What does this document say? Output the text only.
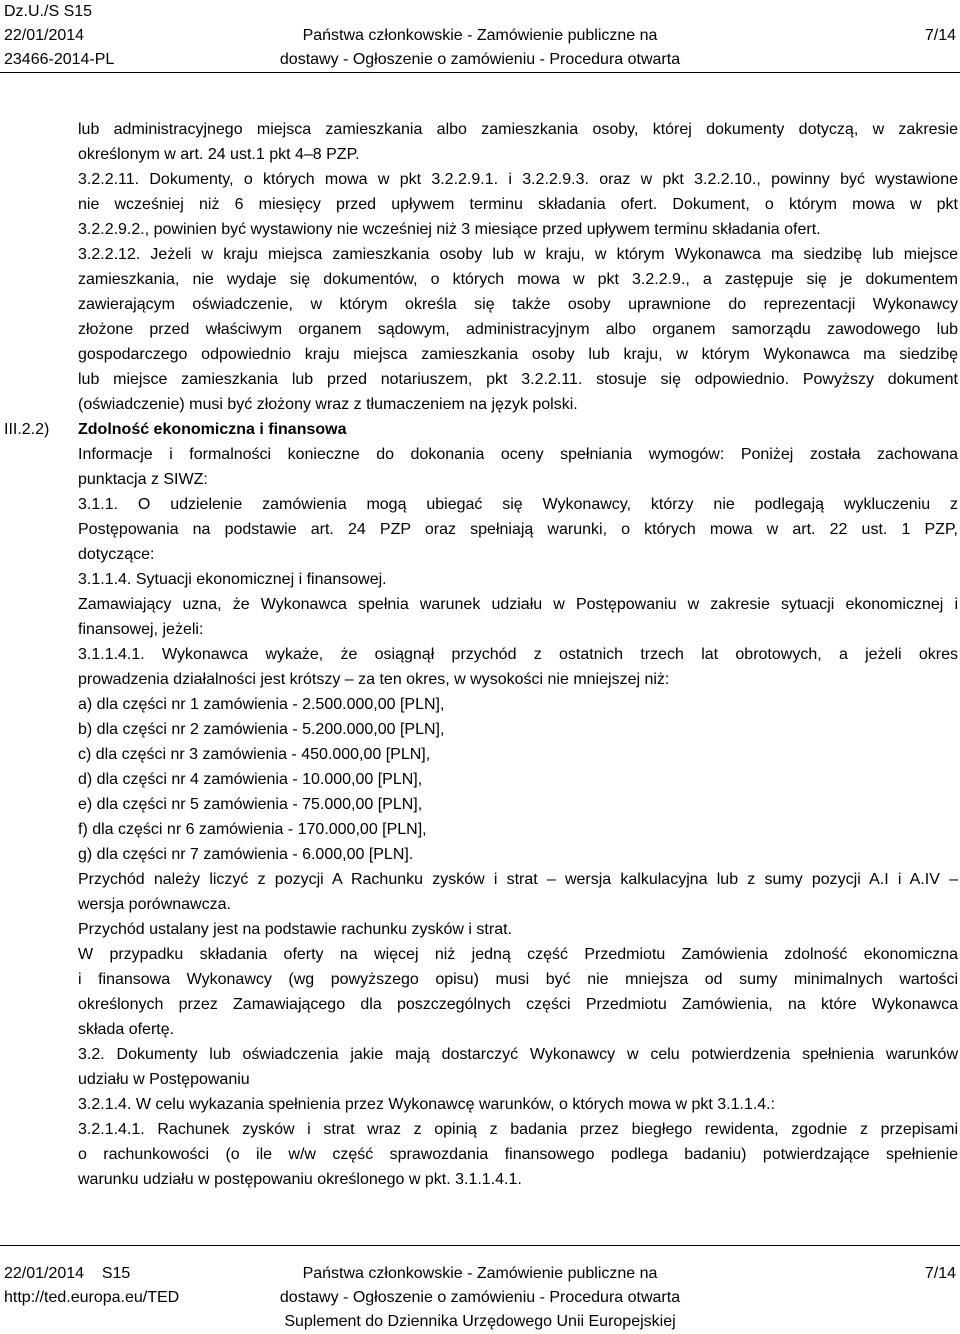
Dz.U./S S15
22/01/2014
23466-2014-PL
Państwa członkowskie - Zamówienie publiczne na
dostawy - Ogłoszenie o zamówieniu - Procedura otwarta
7/14
lub administracyjnego miejsca zamieszkania albo zamieszkania osoby, której dokumenty dotyczą, w zakresie
określonym w art. 24 ust.1 pkt 4–8 PZP.
3.2.2.11. Dokumenty, o których mowa w pkt 3.2.2.9.1. i 3.2.2.9.3. oraz w pkt 3.2.2.10., powinny być wystawione
nie wcześniej niż 6 miesięcy przed upływem terminu składania ofert. Dokument, o którym mowa w pkt
3.2.2.9.2., powinien być wystawiony nie wcześniej niż 3 miesiące przed upływem terminu składania ofert.
3.2.2.12. Jeżeli w kraju miejsca zamieszkania osoby lub w kraju, w którym Wykonawca ma siedzibę lub miejsce
zamieszkania, nie wydaje się dokumentów, o których mowa w pkt 3.2.2.9., a zastępuje się je dokumentem
zawierającym oświadczenie, w którym określa się także osoby uprawnione do reprezentacji Wykonawcy
złożone przed właściwym organem sądowym, administracyjnym albo organem samorządu zawodowego lub
gospodarczego odpowiednio kraju miejsca zamieszkania osoby lub kraju, w którym Wykonawca ma siedzibę
lub miejsce zamieszkania lub przed notariuszem, pkt 3.2.2.11. stosuje się odpowiednio. Powyższy dokument
(oświadczenie) musi być złożony wraz z tłumaczeniem na język polski.
III.2.2) Zdolność ekonomiczna i finansowa
Informacje i formalności konieczne do dokonania oceny spełniania wymogów: Poniżej została zachowana
punktacja z SIWZ:
3.1.1. O udzielenie zamówienia mogą ubiegać się Wykonawcy, którzy nie podlegają wykluczeniu z
Postępowania na podstawie art. 24 PZP oraz spełniają warunki, o których mowa w art. 22 ust. 1 PZP,
dotyczące:
3.1.1.4. Sytuacji ekonomicznej i finansowej.
Zamawiający uzna, że Wykonawca spełnia warunek udziału w Postępowaniu w zakresie sytuacji ekonomicznej i
finansowej, jeżeli:
3.1.1.4.1. Wykonawca wykaże, że osiągnął przychód z ostatnich trzech lat obrotowych, a jeżeli okres
prowadzenia działalności jest krótszy – za ten okres, w wysokości nie mniejszej niż:
a) dla części nr 1 zamówienia - 2.500.000,00 [PLN],
b) dla części nr 2 zamówienia - 5.200.000,00 [PLN],
c) dla części nr 3 zamówienia - 450.000,00 [PLN],
d) dla części nr 4 zamówienia - 10.000,00 [PLN],
e) dla części nr 5 zamówienia - 75.000,00 [PLN],
f) dla części nr 6 zamówienia - 170.000,00 [PLN],
g) dla części nr 7 zamówienia - 6.000,00 [PLN].
Przychód należy liczyć z pozycji A Rachunku zysków i strat – wersja kalkulacyjna lub z sumy pozycji A.I i A.IV –
wersja porównawcza.
Przychód ustalany jest na podstawie rachunku zysków i strat.
W przypadku składania oferty na więcej niż jedną część Przedmiotu Zamówienia zdolność ekonomiczna
i finansowa Wykonawcy (wg powyższego opisu) musi być nie mniejsza od sumy minimalnych wartości
określonych przez Zamawiającego dla poszczególnych części Przedmiotu Zamówienia, na które Wykonawca
składa ofertę.
3.2. Dokumenty lub oświadczenia jakie mają dostarczyć Wykonawcy w celu potwierdzenia spełnienia warunków
udziału w Postępowaniu
3.2.1.4. W celu wykazania spełnienia przez Wykonawcę warunków, o których mowa w pkt 3.1.1.4.:
3.2.1.4.1. Rachunek zysków i strat wraz z opinią z badania przez biegłego rewidenta, zgodnie z przepisami
o rachunkowości (o ile w/w część sprawozdania finansowego podlega badaniu) potwierdzające spełnienie
warunku udziału w postępowaniu określonego w pkt. 3.1.1.4.1.
22/01/2014    S15
http://ted.europa.eu/TED
Państwa członkowskie - Zamówienie publiczne na
dostawy - Ogłoszenie o zamówieniu - Procedura otwarta
Suplement do Dziennika Urzędowego Unii Europejskiej
7/14
